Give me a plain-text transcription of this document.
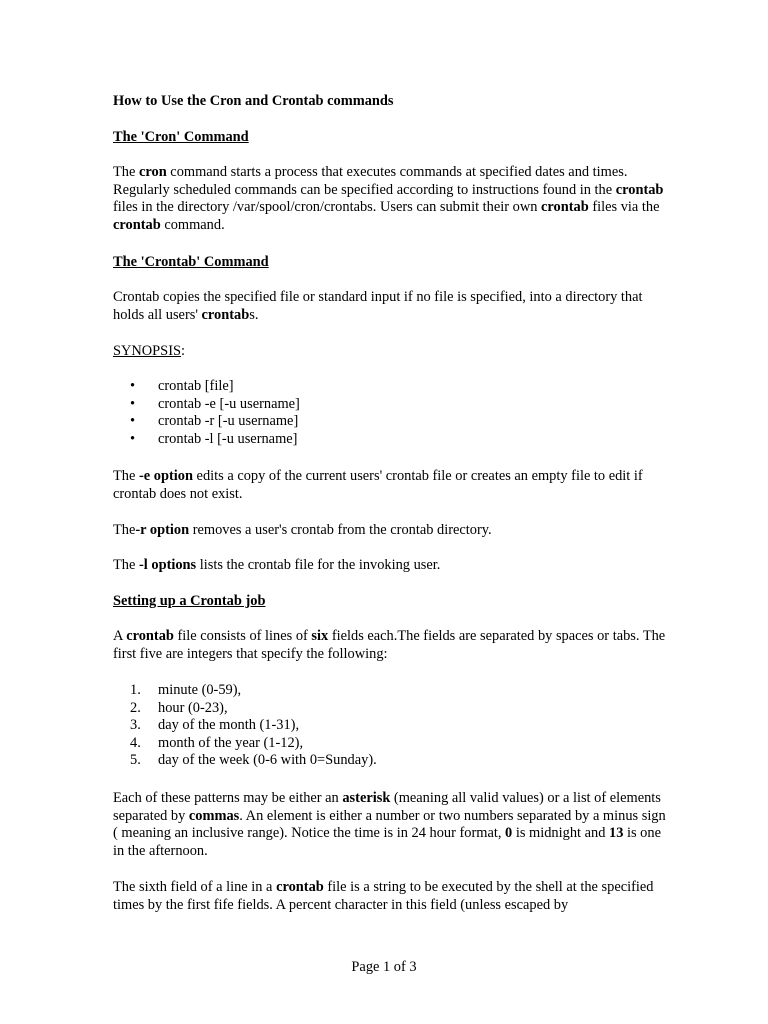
How to Use the Cron and Crontab commands

The 'Cron' Command

The cron command starts a process that executes commands at specified dates and times. Regularly scheduled commands can be specified according to instructions found in the crontab files in the directory /var/spool/cron/crontabs. Users can submit their own crontab files via the crontab command.

The 'Crontab' Command

Crontab copies the specified file or standard input if no file is specified, into a directory that holds all users' crontabs.

SYNOPSIS:

• crontab [file]
• crontab -e [-u username]
• crontab -r [-u username]
• crontab -l [-u username]

The -e option edits a copy of the current users' crontab file or creates an empty file to edit if crontab does not exist.

The-r option removes a user's crontab from the crontab directory.

The -l options lists the crontab file for the invoking user.

Setting up a Crontab job

A crontab file consists of lines of six fields each.The fields are separated by spaces or tabs. The first five are integers that specify the following:

1. minute (0-59),
2. hour (0-23),
3. day of the month (1-31),
4. month of the year (1-12),
5. day of the week (0-6 with 0=Sunday).

Each of these patterns may be either an asterisk (meaning all valid values) or a list of elements separated by commas. An element is either a number or two numbers separated by a minus sign ( meaning an inclusive range). Notice the time is in 24 hour format, 0 is midnight and 13 is one in the afternoon.

The sixth field of a line in a crontab file is a string to be executed by the shell at the specified times by the first fife fields. A percent character in this field (unless escaped by

Page 1 of 3
